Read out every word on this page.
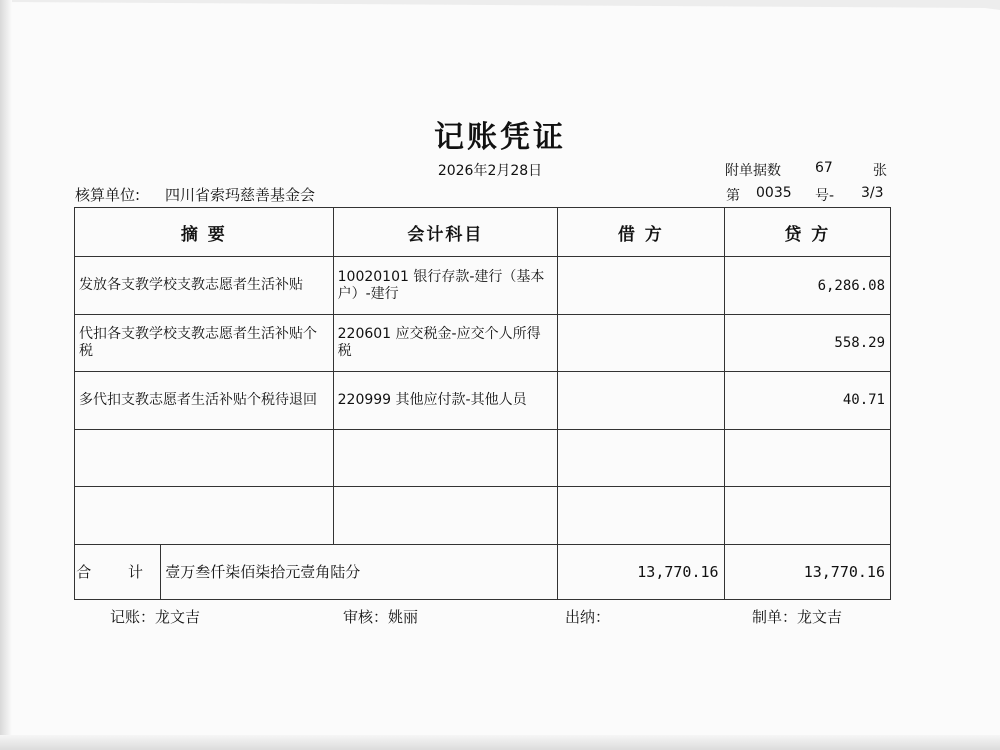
记账凭证
2026年2月28日	附单据数 67	张
核算单位: 四川省索玛慈善基金会	第 0035 号- 3/3
摘 要		会计科目	借 方	贷 方
发放各支教学校支教志愿者生活补贴		10020101 银行存款-建行（基本户）-建行		6,286.08
代扣各支教学校支教志愿者生活补贴个税		220601 应交税金-应交个人所得税		558.29
多代扣支教志愿者生活补贴个税待退回		220999 其他应付款-其他人员		40.71

合 计	壹万叁仟柒佰柒拾元壹角陆分		13,770.16	13,770.16
记账：龙文吉	审核：姚丽	出纳：	制单：龙文吉
